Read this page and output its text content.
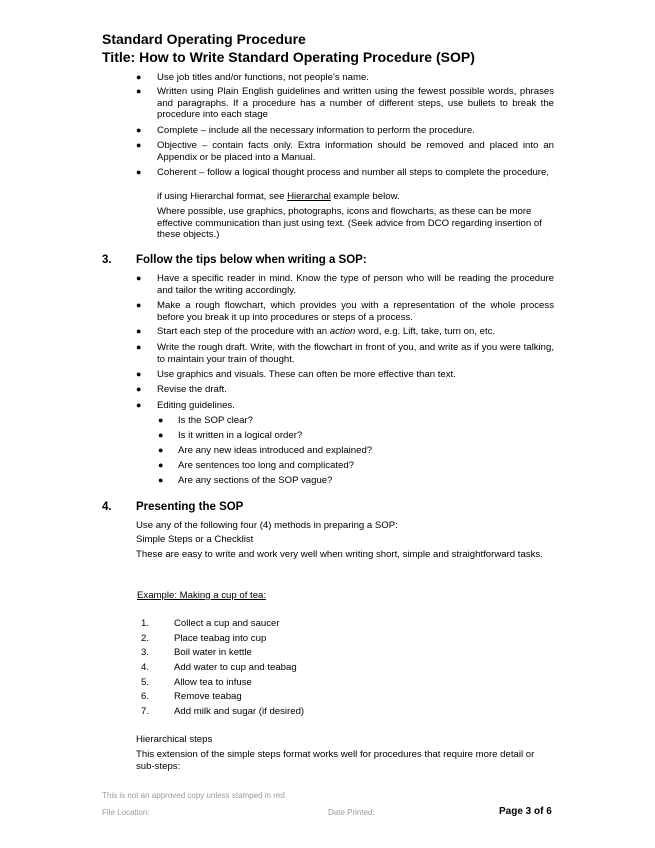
Standard Operating Procedure
Title: How to Write Standard Operating Procedure (SOP)
● Use job titles and/or functions, not people's name.
● Written using Plain English guidelines and written using the fewest possible words, phrases and paragraphs. If a procedure has a number of different steps, use bullets to break the procedure into each stage
● Complete – include all the necessary information to perform the procedure.
● Objective – contain facts only. Extra information should be removed and placed into an Appendix or be placed into a Manual.
● Coherent – follow a logical thought process and number all steps to complete the procedure,
if using Hierarchal format, see Hierarchal example below.
Where possible, use graphics, photographs, icons and flowcharts, as these can be more effective communication than just using text. (Seek advice from DCO regarding insertion of these objects.)
3. Follow the tips below when writing a SOP:
● Have a specific reader in mind. Know the type of person who will be reading the procedure and tailor the writing accordingly.
● Make a rough flowchart, which provides you with a representation of the whole process before you break it up into procedures or steps of a process.
● Start each step of the procedure with an action word, e.g. Lift, take, turn on, etc.
● Write the rough draft. Write, with the flowchart in front of you, and write as if you were talking, to maintain your train of thought.
● Use graphics and visuals. These can often be more effective than text.
● Revise the draft.
● Editing guidelines.
● Is the SOP clear?
● Is it written in a logical order?
● Are any new ideas introduced and explained?
● Are sentences too long and complicated?
● Are any sections of the SOP vague?
4. Presenting the SOP
Use any of the following four (4) methods in preparing a SOP:
Simple Steps or a Checklist
These are easy to write and work very well when writing short, simple and straightforward tasks.
Example: Making a cup of tea:
1.	Collect a cup and saucer
2.	Place teabag into cup
3.	Boil water in kettle
4.	Add water to cup and teabag
5.	Allow tea to infuse
6.	Remove teabag
7.	Add milk and sugar (if desired)
Hierarchical steps
This extension of the simple steps format works well for procedures that require more detail or sub-steps:
This is not an approved copy unless stamped in red
File Location:	Date Printed:	Page 3 of 6
